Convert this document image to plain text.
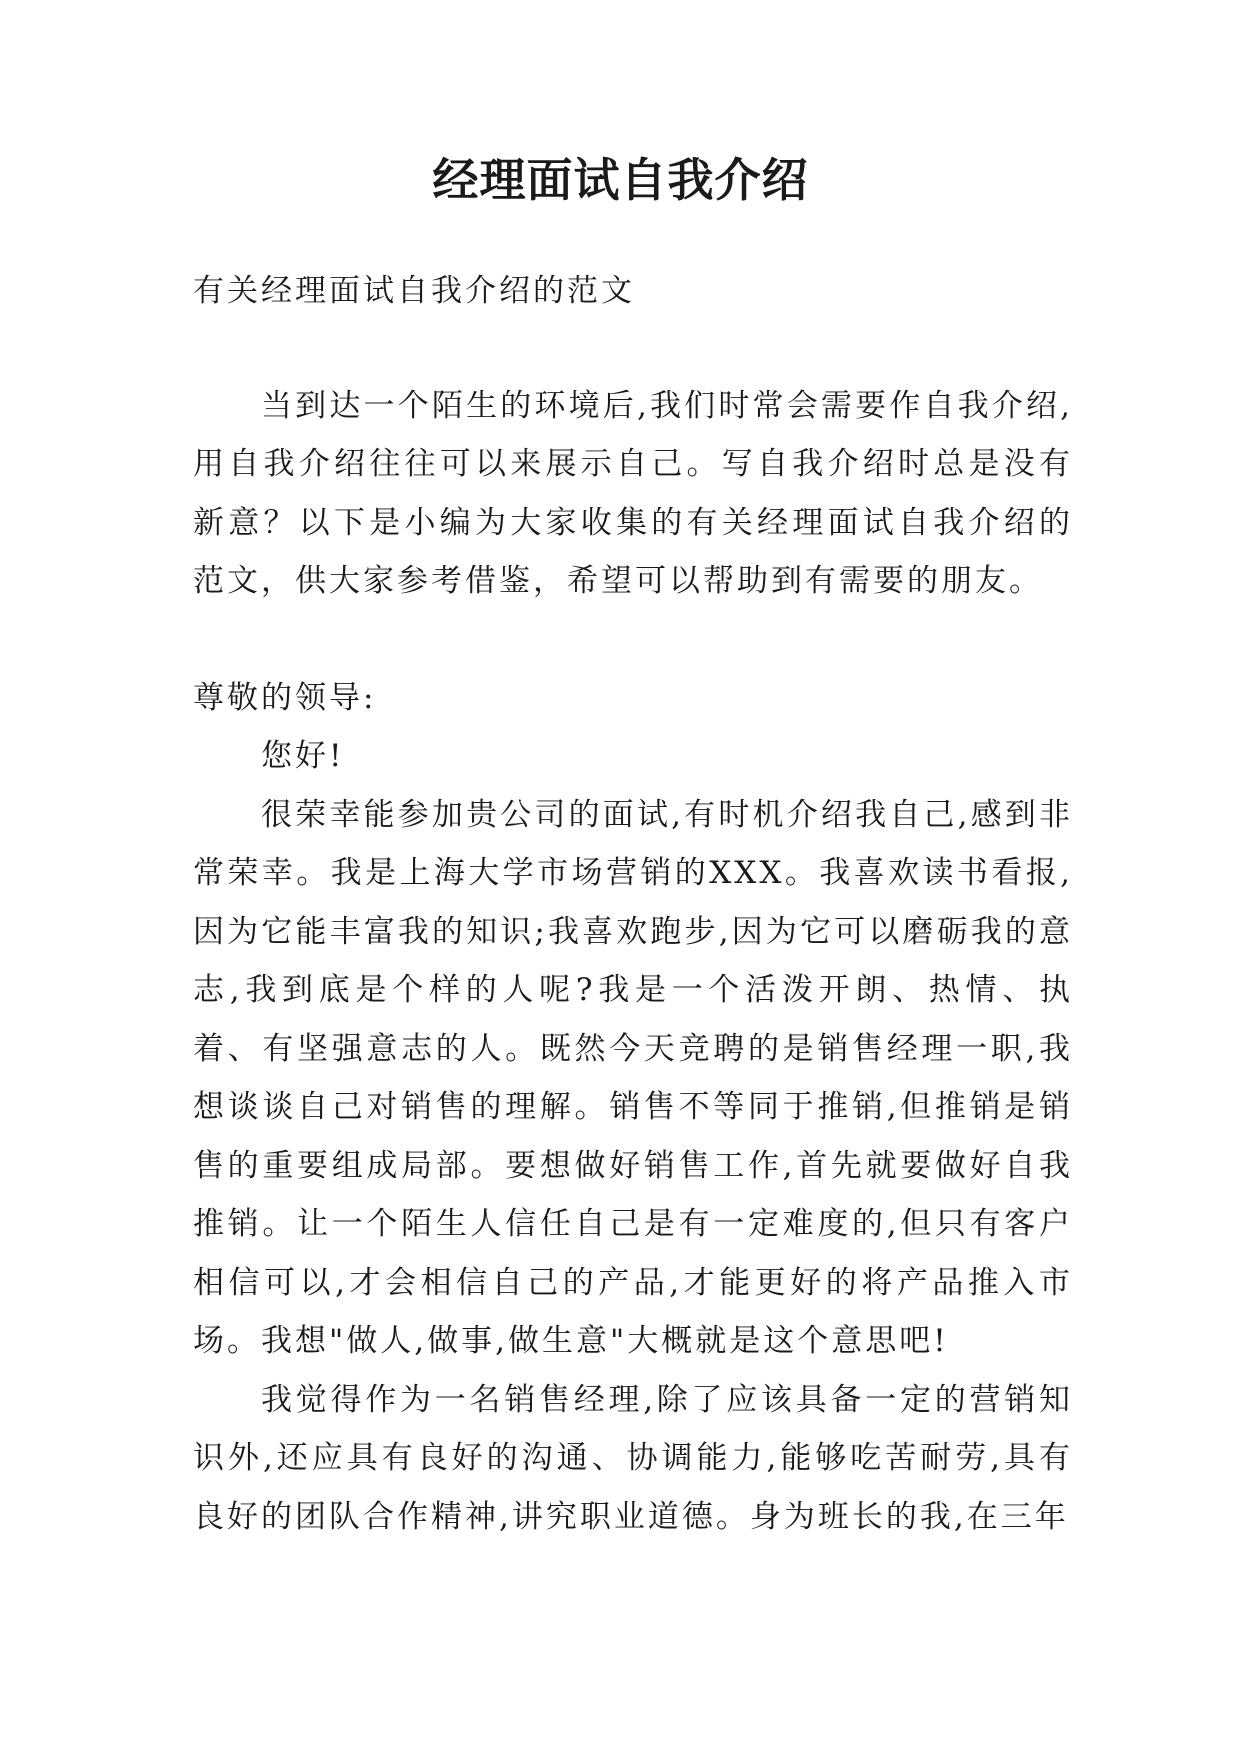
经理面试自我介绍

有关经理面试自我介绍的范文

当到达一个陌生的环境后,我们时常会需要作自我介绍,用自我介绍往往可以来展示自己。写自我介绍时总是没有新意？以下是小编为大家收集的有关经理面试自我介绍的范文，供大家参考借鉴，希望可以帮助到有需要的朋友。

尊敬的领导:

您好!

很荣幸能参加贵公司的面试,有时机介绍我自己,感到非常荣幸。我是上海大学市场营销的XXX。我喜欢读书看报,因为它能丰富我的知识;我喜欢跑步,因为它可以磨砺我的意志,我到底是个样的人呢?我是一个活泼开朗、热情、执着、有坚强意志的人。既然今天竞聘的是销售经理一职,我想谈谈自己对销售的理解。销售不等同于推销,但推销是销售的重要组成局部。要想做好销售工作,首先就要做好自我推销。让一个陌生人信任自己是有一定难度的,但只有客户相信可以,才会相信自己的产品,才能更好的将产品推入市场。我想"做人,做事,做生意"大概就是这个意思吧!

我觉得作为一名销售经理,除了应该具备一定的营销知识外,还应具有良好的沟通、协调能力,能够吃苦耐劳,具有良好的团队合作精神,讲究职业道德。身为班长的我,在三年
